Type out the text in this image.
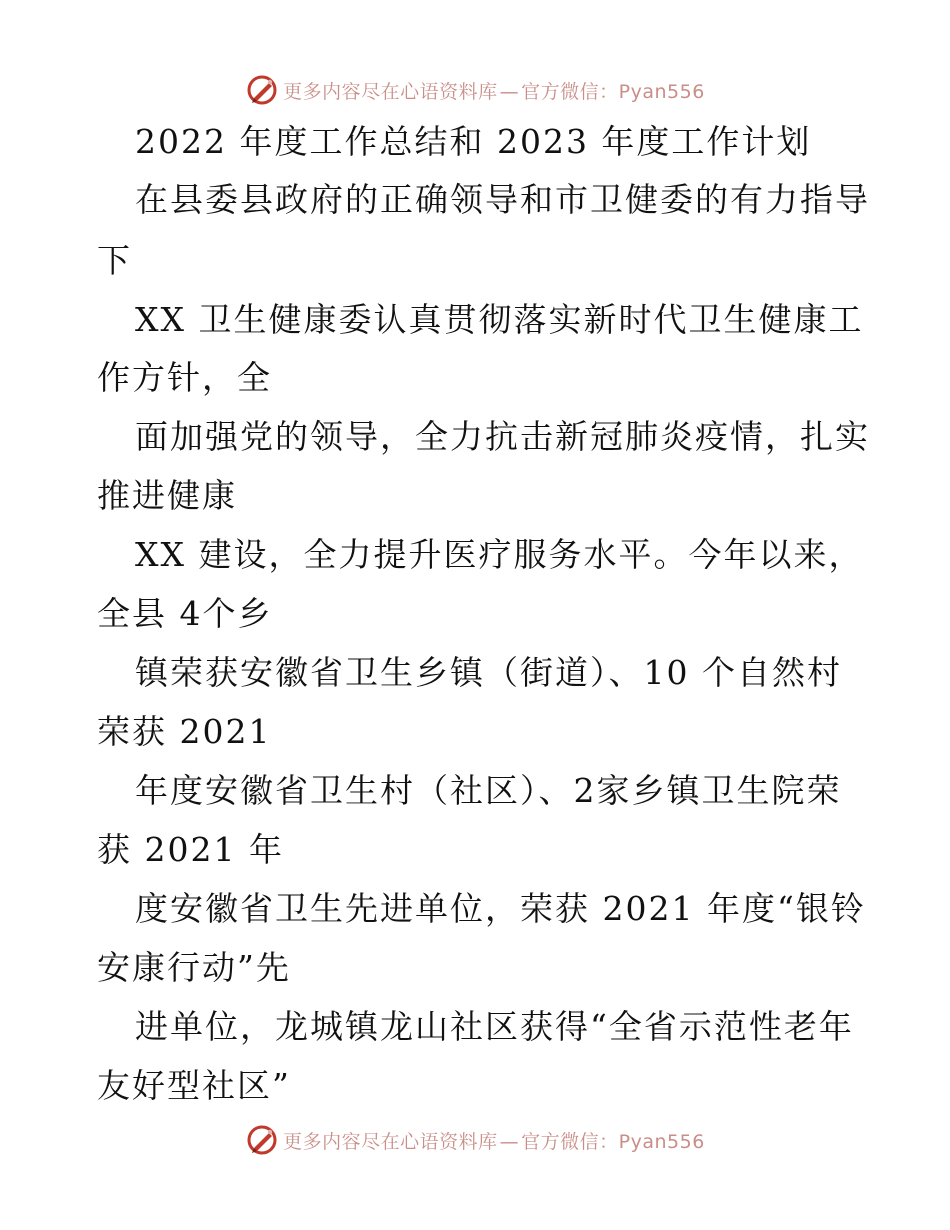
更多内容尽在心语资料库 — 官方微信：Pyan556
2022 年度工作总结和 2023 年度工作计划
在县委县政府的正确领导和市卫健委的有力指导
下
XX 卫生健康委认真贯彻落实新时代卫生健康工
作方针，全
面加强党的领导，全力抗击新冠肺炎疫情，扎实
推进健康
XX 建设，全力提升医疗服务水平。今年以来，
全县 4个乡
镇荣获安徽省卫生乡镇（街道）、10 个自然村
荣获 2021
年度安徽省卫生村（社区）、2家乡镇卫生院荣
获 2021 年
度安徽省卫生先进单位，荣获 2021 年度“银铃
安康行动”先
进单位，龙城镇龙山社区获得“全省示范性老年
友好型社区”
更多内容尽在心语资料库 — 官方微信：Pyan556
